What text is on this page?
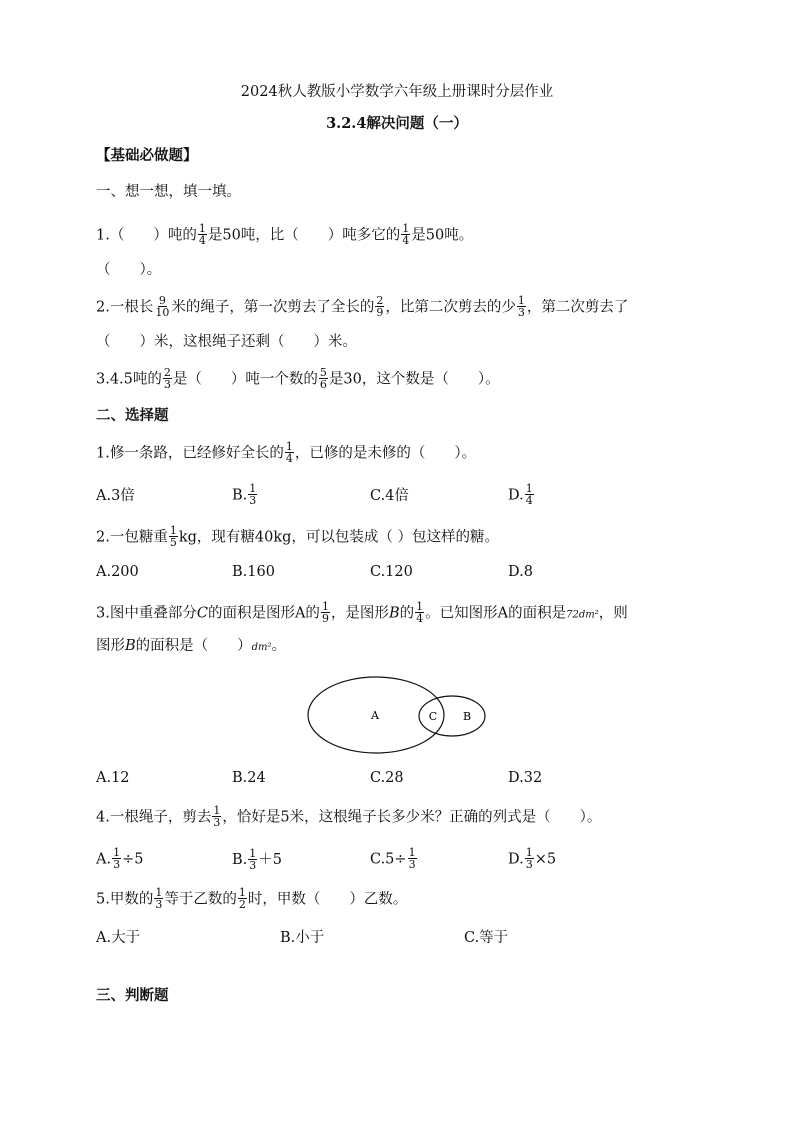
2024秋人教版小学数学六年级上册课时分层作业
3.2.4解决问题（一）
【基础必做题】
一、想一想，填一填。
1.（　　）吨的 $\frac{1}{4}$ 是50吨，比（　　）吨多它的 $\frac{1}{4}$ 是50吨。
（　　）。
2.一根长 $\frac{9}{10}$ 米的绳子，第一次剪去了全长的 $\frac{2}{9}$ ，比第二次剪去的少 $\frac{1}{3}$ ，第二次剪去了
（　　）米，这根绳子还剩（　　）米。
3.4.5吨的 $\frac{2}{3}$ 是（　　）吨一个数的 $\frac{5}{6}$ 是30，这个数是（　　）。
二、选择题
1.修一条路，已经修好全长的 $\frac{1}{4}$ ，已修的是未修的（　　）。
A.3倍	B. $\frac{1}{3}$	C.4倍	D. $\frac{1}{4}$
2.一包糖重 $\frac{1}{5}$ kg，现有糖40kg，可以包装成（ ）包这样的糖。
A.200	B.160	C.120	D.8
3.图中重叠部分C的面积是图形A的 $\frac{1}{9}$ ，是图形B的 $\frac{1}{4}$ 。已知图形A的面积是72dm²，则
图形B的面积是（　　）dm²。
A	C B
A.12	B.24	C.28	D.32
4.一根绳子，剪去 $\frac{1}{3}$ ，恰好是5米，这根绳子长多少米？正确的列式是（　　）。
A. $\frac{1}{3} \div 5$	B. $\frac{1}{3} +5$	$C.5\div \frac{1}{3}$	D. $\frac{1}{3} \times 5$
5.甲数的 $\frac{1}{3}$ 等于乙数的 $\frac{1}{2}$ 时，甲数（　　）乙数。
A.大于	B.小于	C.等于
三、判断题
